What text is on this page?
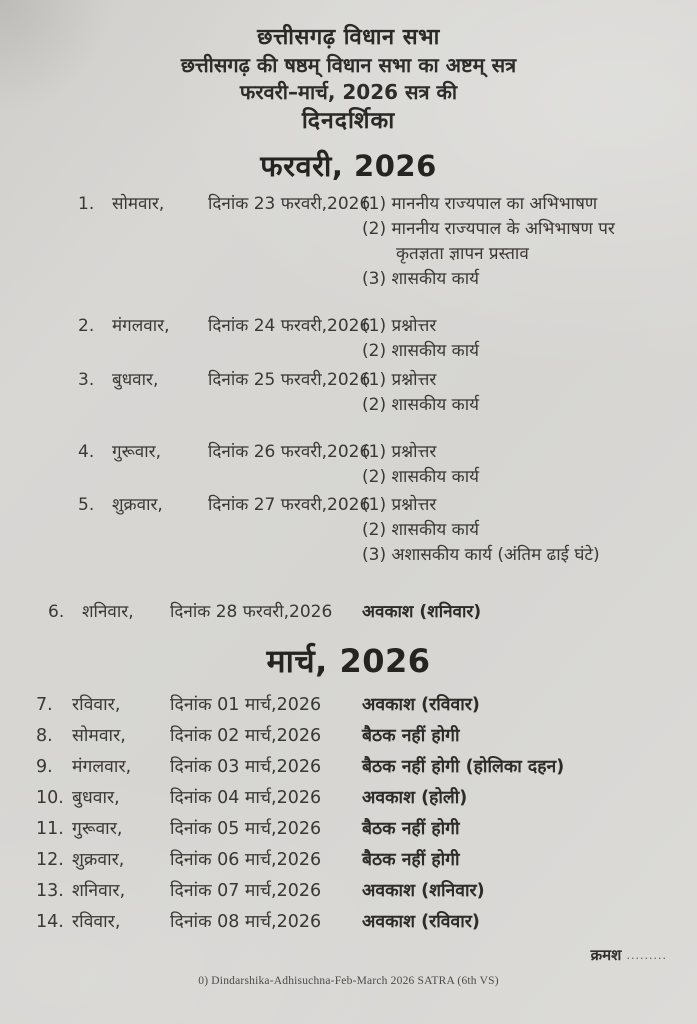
छत्तीसगढ़ विधान सभा
छत्तीसगढ़ की षष्ठम् विधान सभा का अष्टम् सत्र
फरवरी–मार्च, 2026 सत्र की
दिनदर्शिका
फरवरी, 2026
1.	सोमवार,	दिनांक 23 फरवरी,2026
(1) माननीय राज्यपाल का अभिभाषण
(2) माननीय राज्यपाल के अभिभाषण पर कृतज्ञता ज्ञापन प्रस्ताव
(3) शासकीय कार्य
2.	मंगलवार,	दिनांक 24 फरवरी,2026
(1) प्रश्नोत्तर
(2) शासकीय कार्य
3.	बुधवार,	दिनांक 25 फरवरी,2026
(1) प्रश्नोत्तर
(2) शासकीय कार्य
4.	गुरूवार,	दिनांक 26 फरवरी,2026
(1) प्रश्नोत्तर
(2) शासकीय कार्य
5.	शुक्रवार,	दिनांक 27 फरवरी,2026
(1) प्रश्नोत्तर
(2) शासकीय कार्य
(3) अशासकीय कार्य (अंतिम ढाई घंटे)
6.	शनिवार,	दिनांक 28 फरवरी,2026	अवकाश (शनिवार)
मार्च, 2026
7.	रविवार,	दिनांक 01 मार्च,2026	अवकाश (रविवार)
8.	सोमवार,	दिनांक 02 मार्च,2026	बैठक नहीं होगी
9.	मंगलवार,	दिनांक 03 मार्च,2026	बैठक नहीं होगी (होलिका दहन)
10. बुधवार,	दिनांक 04 मार्च,2026	अवकाश (होली)
11. गुरूवार,	दिनांक 05 मार्च,2026	बैठक नहीं होगी
12. शुक्रवार,	दिनांक 06 मार्च,2026	बैठक नहीं होगी
13. शनिवार,	दिनांक 07 मार्च,2026	अवकाश (शनिवार)
14. रविवार,	दिनांक 08 मार्च,2026	अवकाश (रविवार)
क्रमश .........
0) Dindarshika-Adhisuchna-Feb-March 2026 SATRA (6th VS)
